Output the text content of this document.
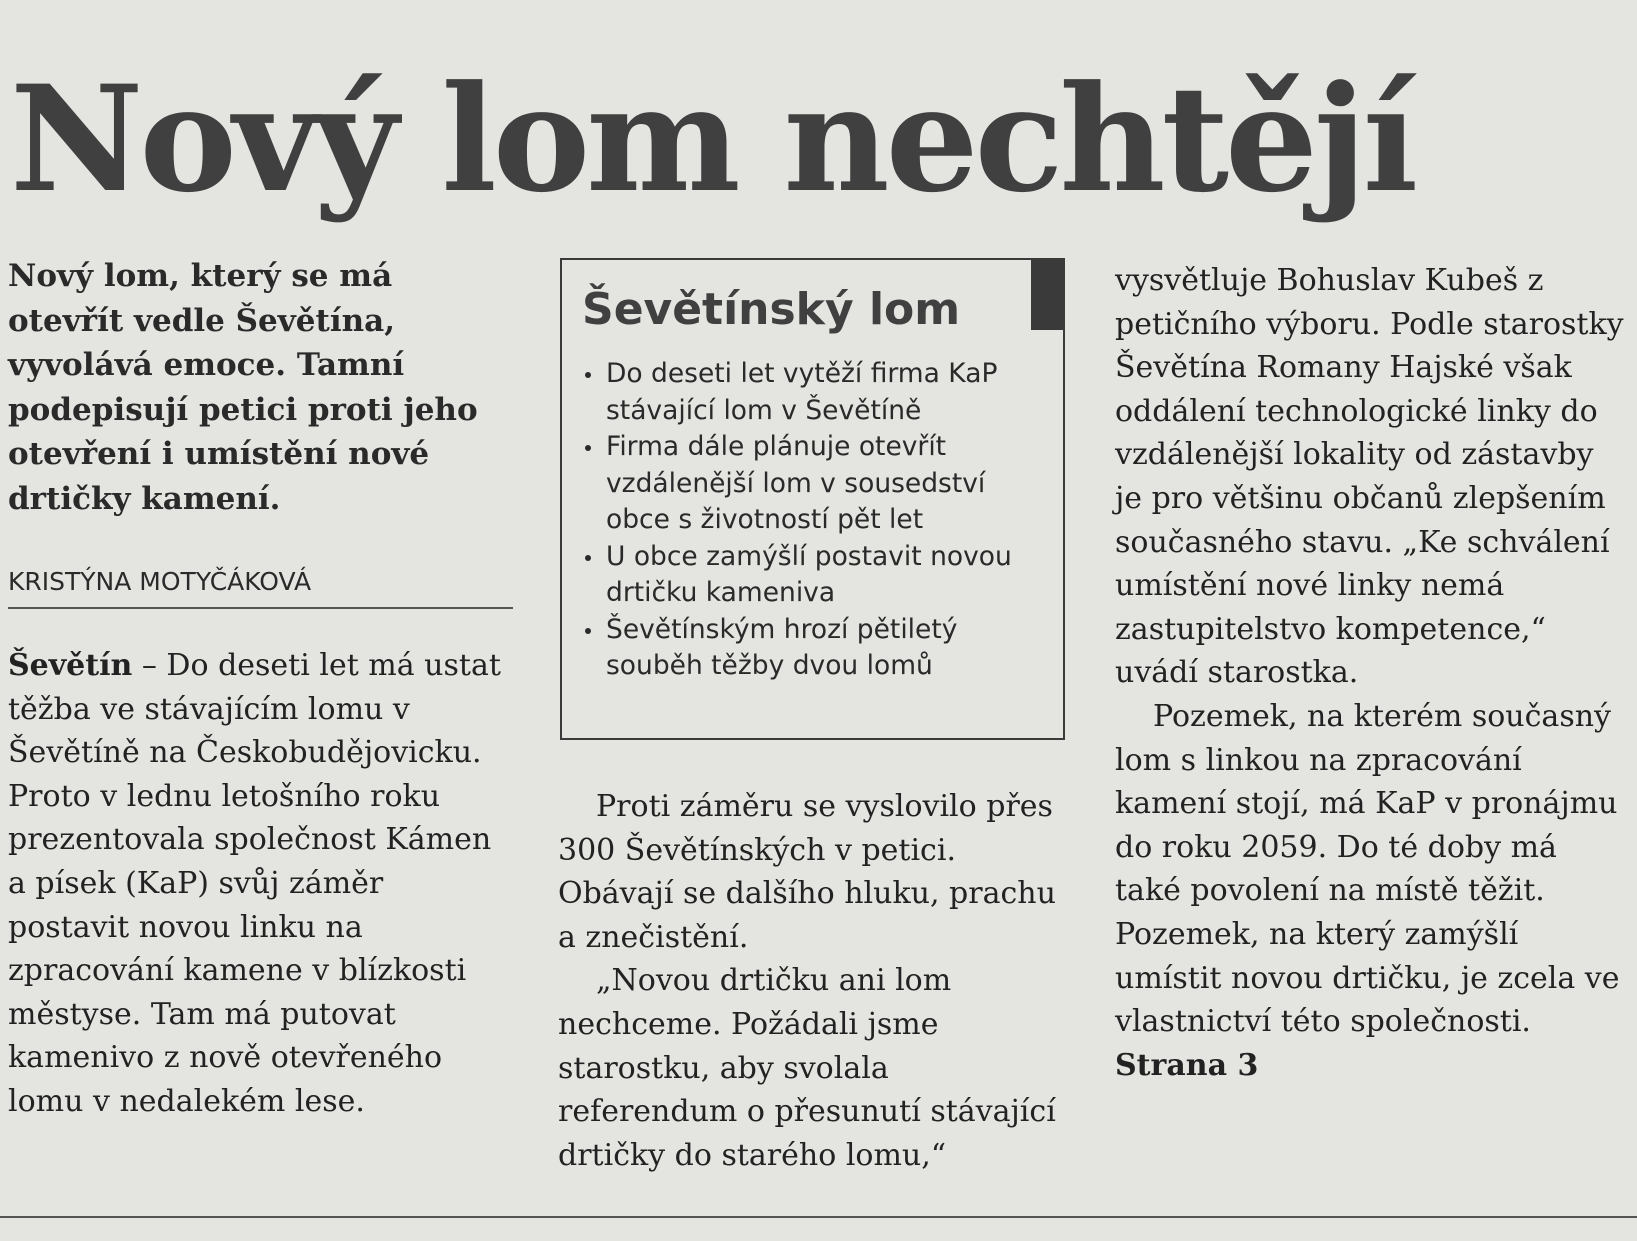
Nový lom nechtějí

Nový lom, který se má otevřít vedle Ševětína, vyvolává emoce. Tamní podepisují petici proti jeho otevření i umístění nové drtičky kamení.

KRISTÝNA MOTYČÁKOVÁ

Ševětín – Do deseti let má ustat těžba ve stávajícím lomu v Ševětíně na Českobudějovicku. Proto v lednu letošního roku prezentovala společnost Kámen a písek (KaP) svůj záměr postavit novou linku na zpracování kamene v blízkosti městyse. Tam má putovat kamenivo z nově otevřeného lomu v nedalekém lese.

Ševětínský lom
Do deseti let vytěží firma KaP stávající lom v Ševětíně
Firma dále plánuje otevřít vzdálenější lom v sousedství obce s životností pět let
U obce zamýšlí postavit novou drtičku kameniva
Ševětínským hrozí pětiletý souběh těžby dvou lomů

Proti záměru se vyslovilo přes 300 Ševětínských v petici. Obávají se dalšího hluku, prachu a znečistění.

„Novou drtičku ani lom nechceme. Požádali jsme starostku, aby svolala referendum o přesunutí stávající drtičky do starého lomu,“

vysvětluje Bohuslav Kubeš z petičního výboru. Podle starostky Ševětína Romany Hajské však oddálení technologické linky do vzdálenější lokality od zástavby je pro většinu občanů zlepšením současného stavu. „Ke schválení umístění nové linky nemá zastupitelstvo kompetence,“ uvádí starostka.

Pozemek, na kterém současný lom s linkou na zpracování kamení stojí, má KaP v pronájmu do roku 2059. Do té doby má také povolení na místě těžit. Pozemek, na který zamýšlí umístit novou drtičku, je zcela ve vlastnictví této společnosti. Strana 3
